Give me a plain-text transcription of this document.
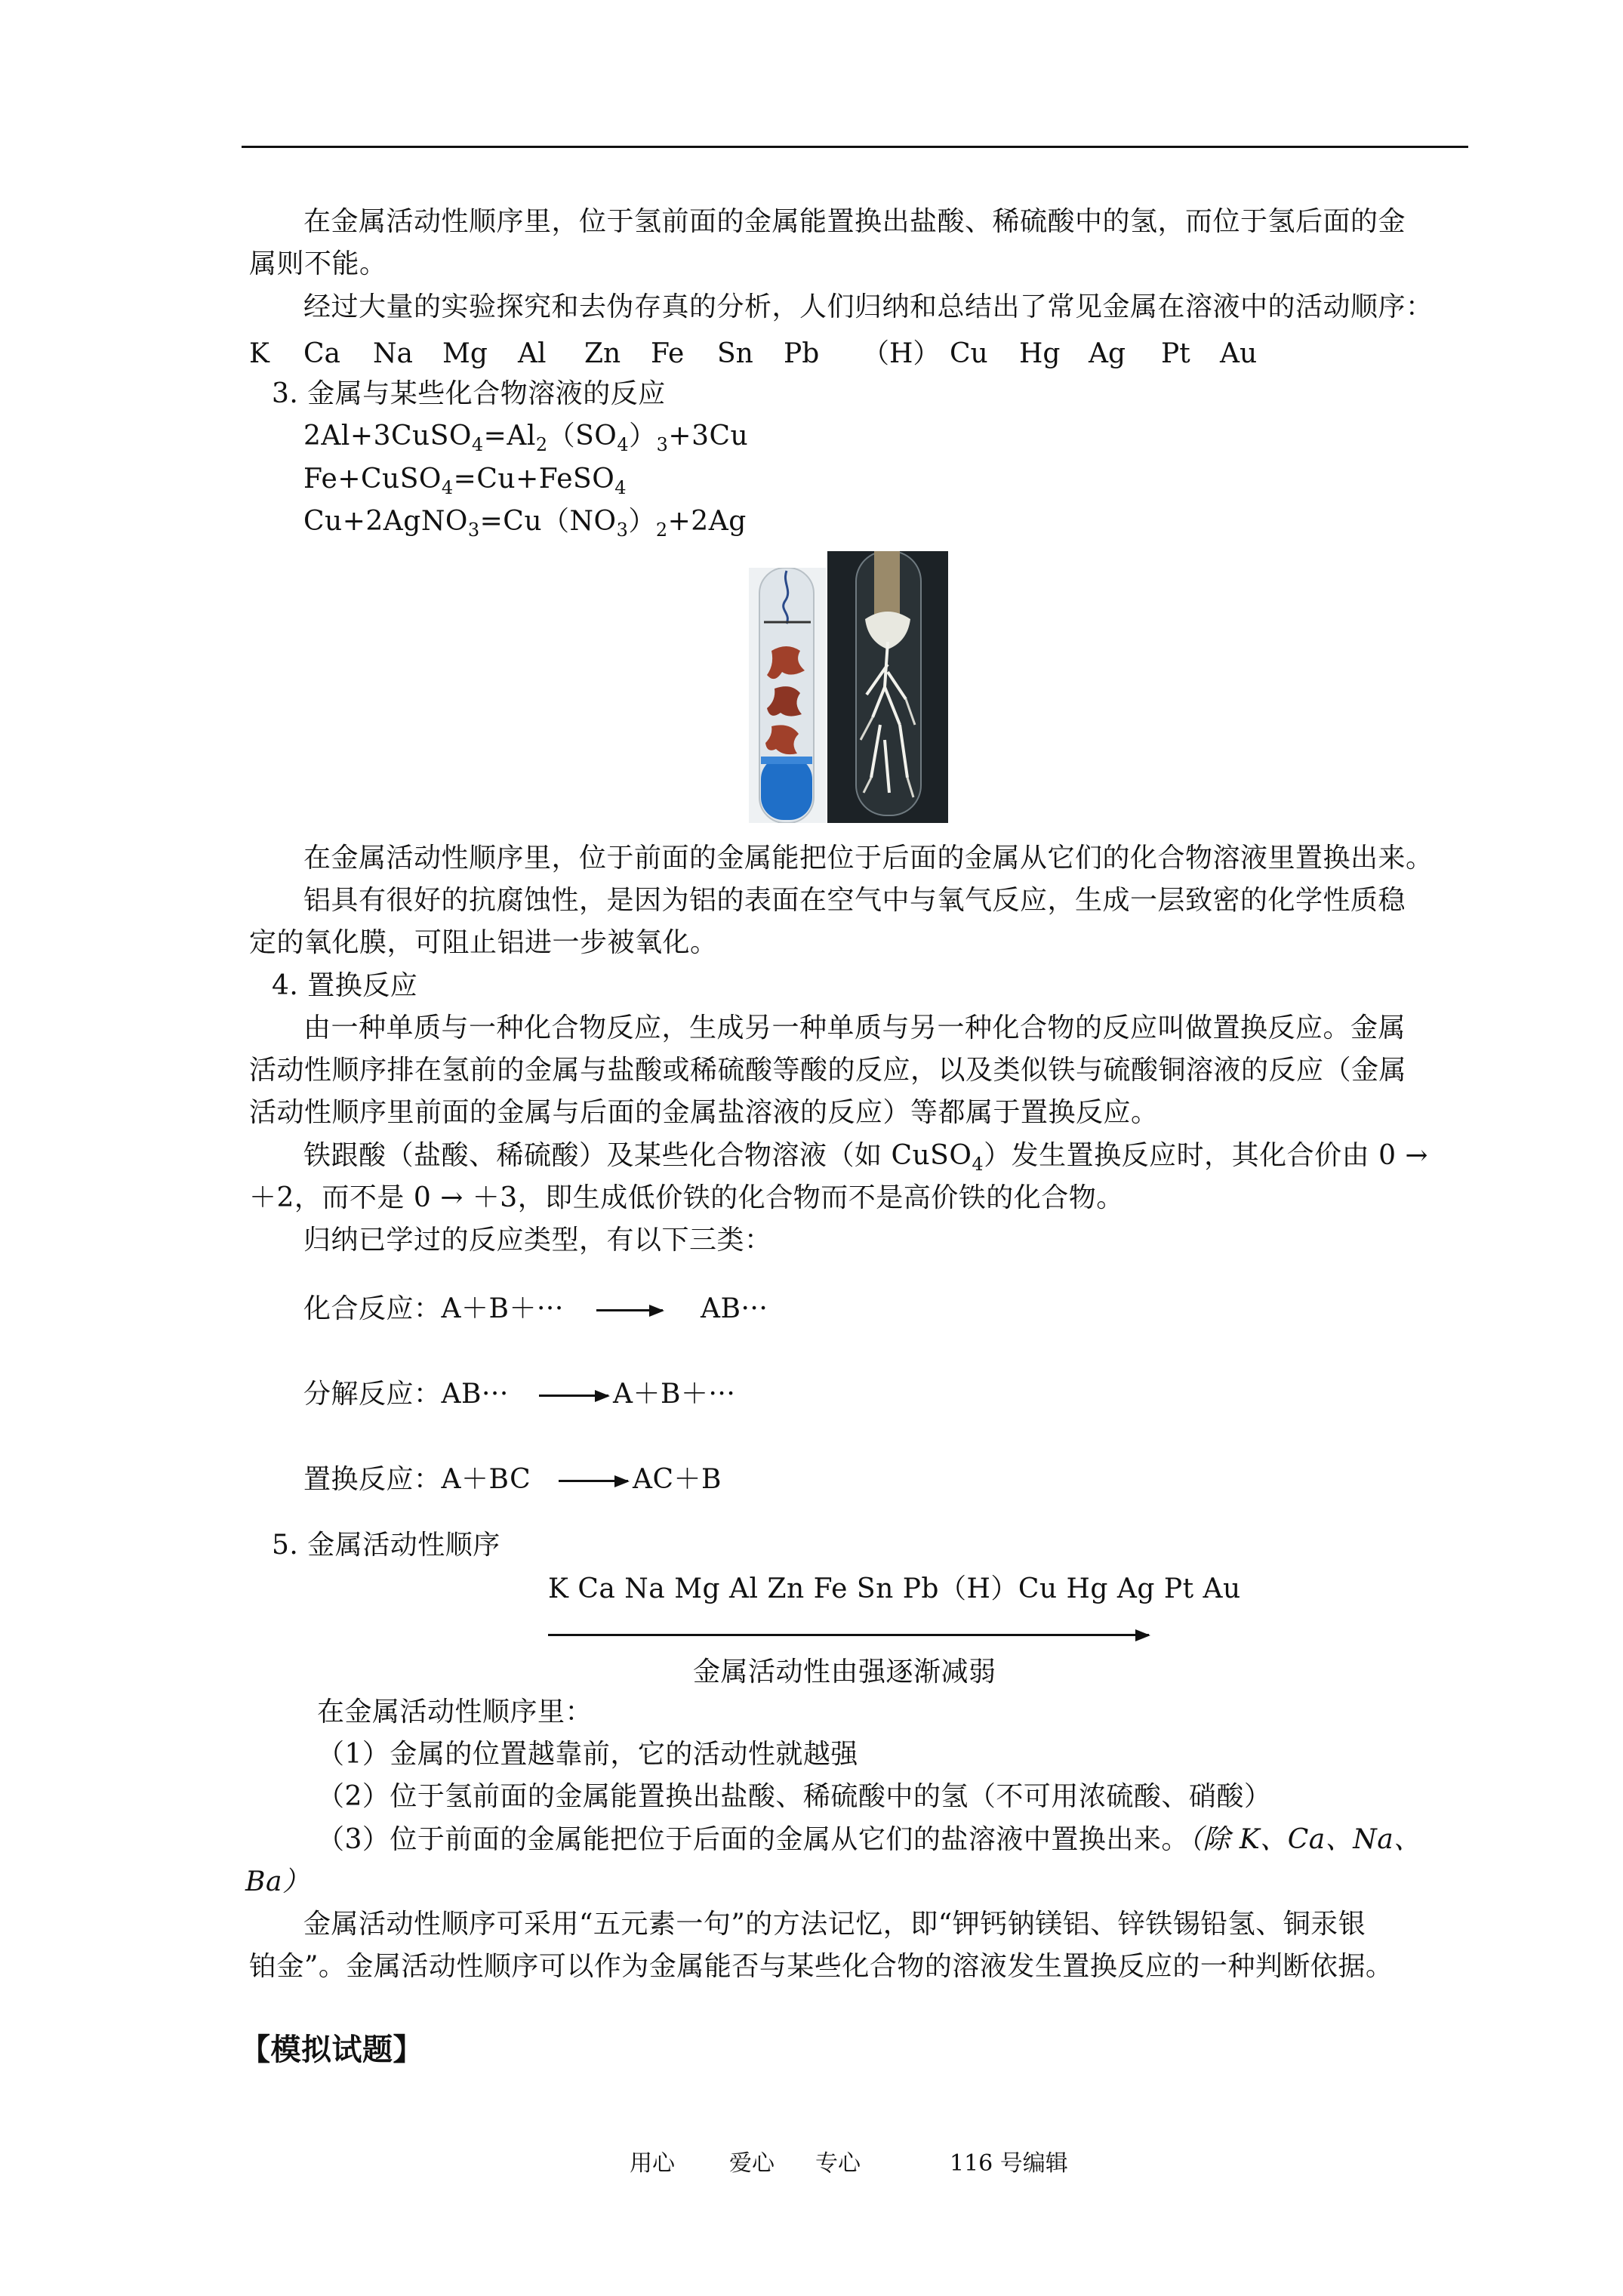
在金属活动性顺序里，位于氢前面的金属能置换出盐酸、稀硫酸中的氢，而位于氢后面的金
属则不能。
经过大量的实验探究和去伪存真的分析，人们归纳和总结出了常见金属在溶液中的活动顺序：
K Ca Na Mg Al Zn Fe Sn Pb （H） Cu Hg Ag Pt Au
3. 金属与某些化合物溶液的反应
$2Al+3CuSO_4=Al_2(SO_4)_3+3Cu$
Fe+CuSO$_4$=Cu+FeSO$_4$
$Cu+2AgNO_3=Cu(NO_3)_2+2Ag$
在金属活动性顺序里，位于前面的金属能把位于后面的金属从它们的化合物溶液里置换出来。
铝具有很好的抗腐蚀性，是因为铝的表面在空气中与氧气反应，生成一层致密的化学性质稳
定的氧化膜，可阻止铝进一步被氧化。
4. 置换反应
由一种单质与一种化合物反应，生成另一种单质与另一种化合物的反应叫做置换反应。金属
活动性顺序排在氢前的金属与盐酸或稀硫酸等酸的反应，以及类似铁与硫酸铜溶液的反应（金属
活动性顺序里前面的金属与后面的金属盐溶液的反应）等都属于置换反应。
铁跟酸（盐酸、稀硫酸）及某些化合物溶液（如 CuSO$_4$）发生置换反应时，其化合价由 0 →
＋2，而不是 0 → ＋3，即生成低价铁的化合物而不是高价铁的化合物。
归纳已学过的反应类型，有以下三类：
化合反应：A＋B＋···	AB···
分解反应：AB···	A＋B＋···
置换反应：A＋BC	AC＋B
5. 金属活动性顺序
K Ca Na Mg Al Zn Fe Sn Pb（H）Cu Hg Ag Pt Au
金属活动性由强逐渐减弱
在金属活动性顺序里：
（1）金属的位置越靠前，它的活动性就越强
（2）位于氢前面的金属能置换出盐酸、稀硫酸中的氢（不可用浓硫酸、硝酸）
（3）位于前面的金属能把位于后面的金属从它们的盐溶液中置换出来。（除 K、Ca、Na、
Ba）
金属活动性顺序可采用“五元素一句”的方法记忆，即“钾钙钠镁铝、锌铁锡铅氢、铜汞银
铂金”。金属活动性顺序可以作为金属能否与某些化合物的溶液发生置换反应的一种判断依据。
【模拟试题】
用心 爱心 专心	116 号编辑
